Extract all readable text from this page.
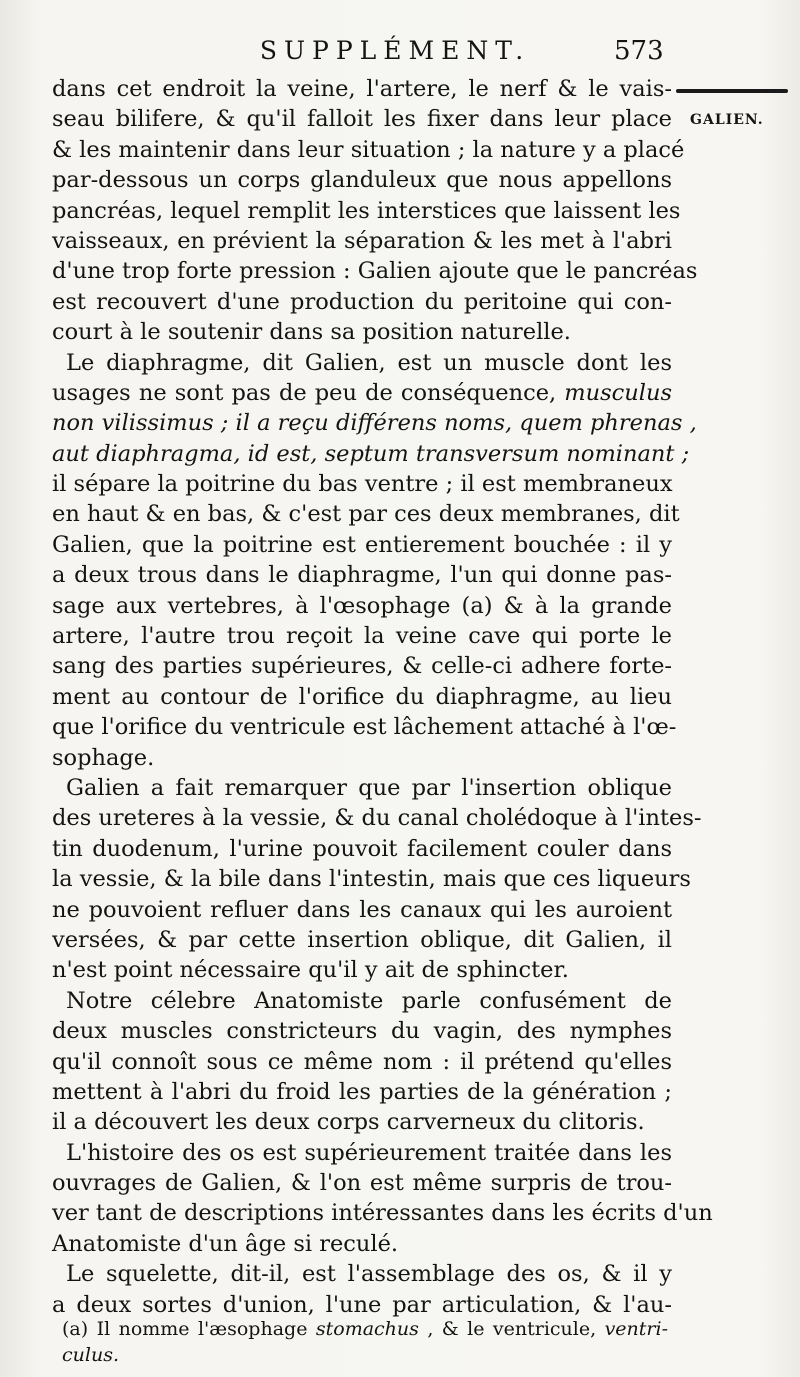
SUPPLÉMENT.	573
GALIEN.
dans cet endroit la veine, l'artere, le nerf & le vais-
seau bilifere, & qu'il falloit les fixer dans leur place
& les maintenir dans leur situation ; la nature y a placé
par-dessous un corps glanduleux que nous appellons
pancréas, lequel remplit les interstices que laissent les
vaisseaux, en prévient la séparation & les met à l'abri
d'une trop forte pression : Galien ajoute que le pancréas
est recouvert d'une production du peritoine qui con-
court à le soutenir dans sa position naturelle.
Le diaphragme, dit Galien, est un muscle dont les
usages ne sont pas de peu de conséquence, musculus
non vilissimus ; il a reçu différens noms, quem phrenas ,
aut diaphragma, id est, septum transversum nominant ;
il sépare la poitrine du bas ventre ; il est membraneux
en haut & en bas, & c'est par ces deux membranes, dit
Galien, que la poitrine est entierement bouchée : il y
a deux trous dans le diaphragme, l'un qui donne pas-
sage aux vertebres, à l'œsophage (a) & à la grande
artere, l'autre trou reçoit la veine cave qui porte le
sang des parties supérieures, & celle-ci adhere forte-
ment au contour de l'orifice du diaphragme, au lieu
que l'orifice du ventricule est lâchement attaché à l'œ-
sophage.
Galien a fait remarquer que par l'insertion oblique
des ureteres à la vessie, & du canal cholédoque à l'intes-
tin duodenum, l'urine pouvoit facilement couler dans
la vessie, & la bile dans l'intestin, mais que ces liqueurs
ne pouvoient refluer dans les canaux qui les auroient
versées, & par cette insertion oblique, dit Galien, il
n'est point nécessaire qu'il y ait de sphincter.
Notre célebre Anatomiste parle confusément de
deux muscles constricteurs du vagin, des nymphes
qu'il connoît sous ce même nom : il prétend qu'elles
mettent à l'abri du froid les parties de la génération ;
il a découvert les deux corps carverneux du clitoris.
L'histoire des os est supérieurement traitée dans les
ouvrages de Galien, & l'on est même surpris de trou-
ver tant de descriptions intéressantes dans les écrits d'un
Anatomiste d'un âge si reculé.
Le squelette, dit-il, est l'assemblage des os, & il y
a deux sortes d'union, l'une par articulation, & l'au-
(a) Il nomme l'æsophage stomachus , & le ventricule, ventri-
culus.
